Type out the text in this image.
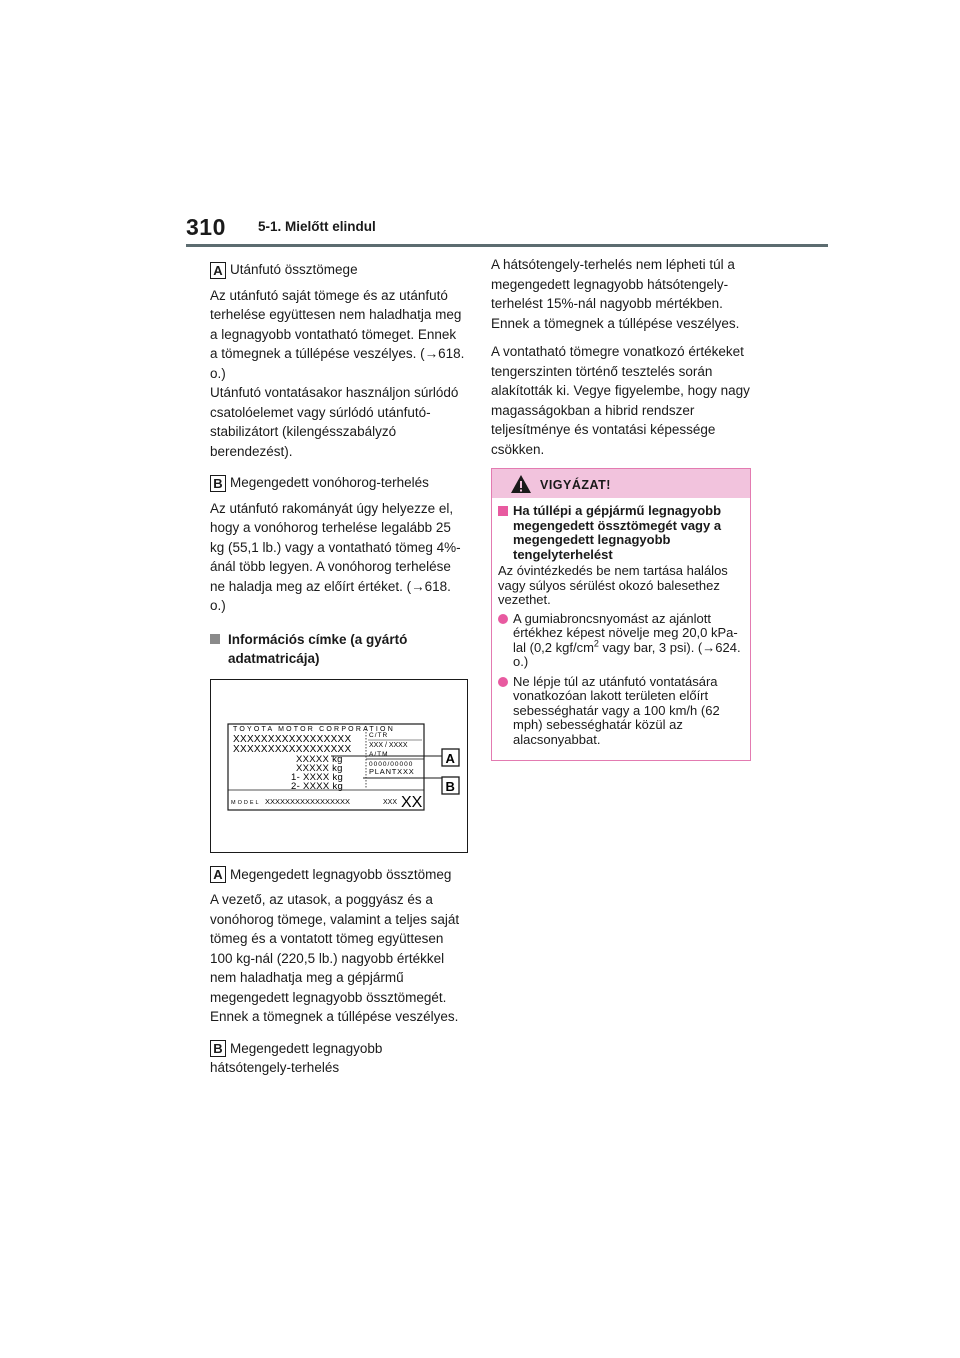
310 5-1. Mielőtt elindul
A Utánfutó össztömege

Az utánfutó saját tömege és az utánfutó terhelése együttesen nem haladhatja meg a legnagyobb vontatható tömeget. Ennek a tömegnek a túllépése veszélyes. (→618. o.)

Utánfutó vontatásakor használjon súrlódó csatolóelemet vagy súrlódó utánfutó-stabilizátort (kilengésszabályzó berendezést).

B Megengedett vonóhorog-terhelés

Az utánfutó rakományát úgy helyezze el, hogy a vonóhorog terhelése legalább 25 kg (55,1 lb.) vagy a vontatható tömeg 4%-ánál több legyen. A vonóhorog terhelése ne haladja meg az előírt értéket. (→618. o.)

Információs címke (a gyártó adatmatricája)
TOYOTA MOTOR CORPORATION
XXXXXXXXXXXXXXXXX
XXXXXXXXXXXXXXXXX
XXXXX kg
XXXXX kg
1- XXXX kg
2- XXXX kg
C/TR
XXX / XXXX
A/TM
0000/00000
PLANTXXX
MODEL XXXXXXXXXXXXXXXXX	XXX XX
A
B
A Megengedett legnagyobb össztömeg

A vezető, az utasok, a poggyász és a vonóhorog tömege, valamint a teljes saját tömeg és a vontatott tömeg együttesen 100 kg-nál (220,5 lb.) nagyobb értékkel nem haladhatja meg a gépjármű megengedett legnagyobb össztömegét. Ennek a tömegnek a túllépése veszélyes.

B Megengedett legnagyobb hátsótengely-terhelés

A hátsótengely-terhelés nem lépheti túl a megengedett legnagyobb hátsótengely-terhelést 15%-nál nagyobb mértékben. Ennek a tömegnek a túllépése veszélyes.

A vontatható tömegre vonatkozó értékeket tengerszinten történő tesztelés során alakították ki. Vegye figyelembe, hogy nagy magasságokban a hibrid rendszer teljesítménye és vontatási képessége csökken.

VIGYÁZAT!
Ha túllépi a gépjármű legnagyobb megengedett össztömegét vagy a megengedett legnagyobb tengelyterhelést
Az óvintézkedés be nem tartása halálos vagy súlyos sérülést okozó balesethez vezethet.
A gumiabroncsnyomást az ajánlott értékhez képest növelje meg 20,0 kPa-lal (0,2 kgf/$cm^2$ vagy bar, 3 psi). (→624. o.)
Ne lépje túl az utánfutó vontatására vonatkozóan lakott területen előírt sebességhatár vagy a 100 km/h (62 mph) sebességhatár közül az alacsonyabbat.
